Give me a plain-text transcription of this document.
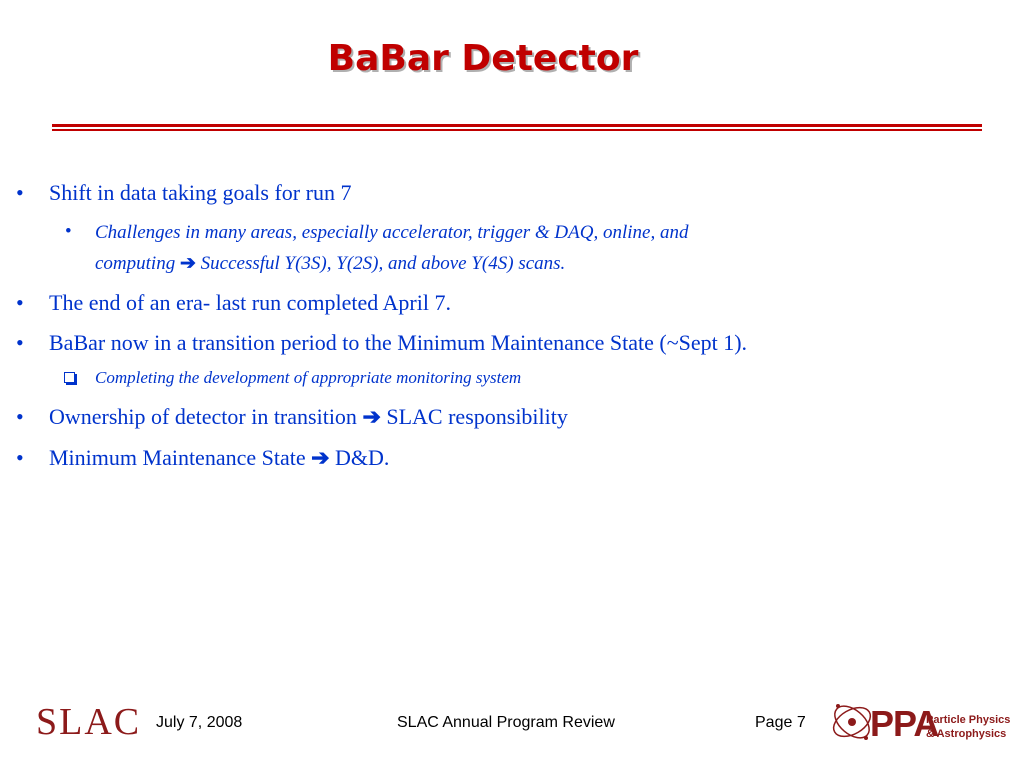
BaBar Detector
• Shift in data taking goals for run 7

• Challenges in many areas, especially accelerator, trigger & DAQ, online, and
computing ➔ Successful Y(3S), Y(2S), and above Y(4S) scans.

• The end of an era- last run completed April 7.

• BaBar now in a transition period to the Minimum Maintenance State (~Sept 1).

Completing the development of appropriate monitoring system

• Ownership of detector in transition ➔ SLAC responsibility

• Minimum Maintenance State ➔ D&D.

SLAC July 7, 2008	SLAC Annual Program Review	Page 7 PPA
Particle Physics
& Astrophysics
